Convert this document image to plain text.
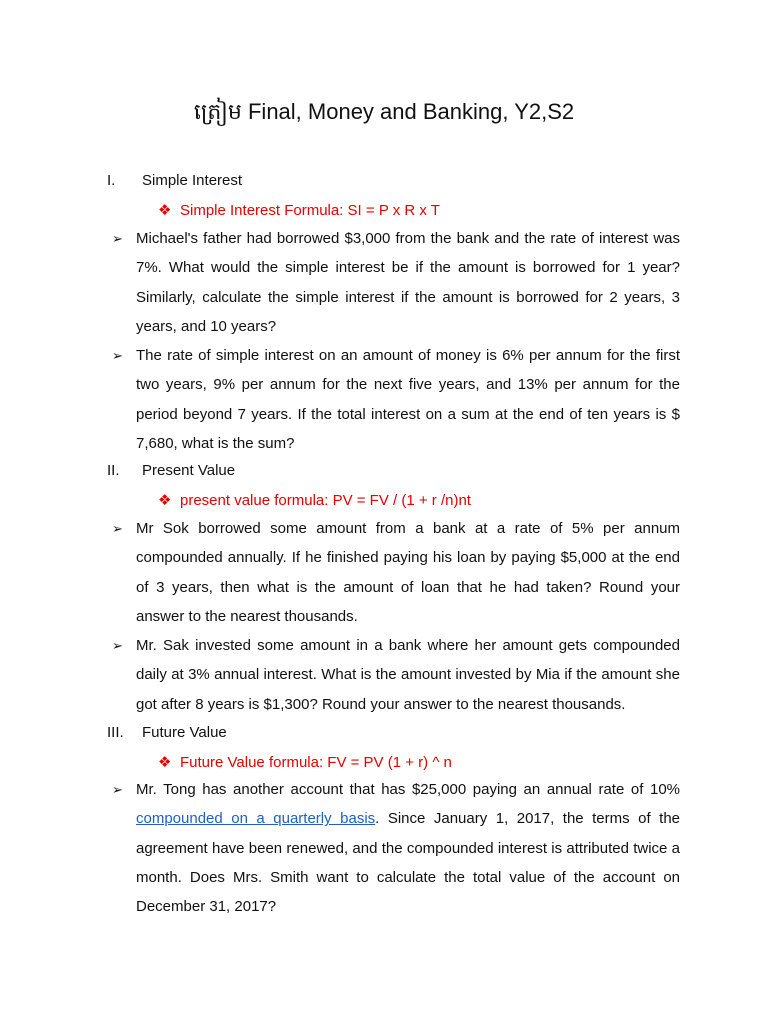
ត្រៀម Final, Money and Banking, Y2,S2
I. Simple Interest
❖ Simple Interest Formula: SI = P x R x T
➢ Michael's father had borrowed $3,000 from the bank and the rate of interest was 7%. What would the simple interest be if the amount is borrowed for 1 year? Similarly, calculate the simple interest if the amount is borrowed for 2 years, 3 years, and 10 years?
➢ The rate of simple interest on an amount of money is 6% per annum for the first two years, 9% per annum for the next five years, and 13% per annum for the period beyond 7 years. If the total interest on a sum at the end of ten years is $ 7,680, what is the sum?
II. Present Value
❖ present value formula: PV = FV / (1 + r /n)nt
➢ Mr Sok borrowed some amount from a bank at a rate of 5% per annum compounded annually. If he finished paying his loan by paying $5,000 at the end of 3 years, then what is the amount of loan that he had taken? Round your answer to the nearest thousands.
➢ Mr. Sak invested some amount in a bank where her amount gets compounded daily at 3% annual interest. What is the amount invested by Mia if the amount she got after 8 years is $1,300? Round your answer to the nearest thousands.
III. Future Value
❖ Future Value formula: FV = PV (1 + r) ^ n
➢ Mr. Tong has another account that has $25,000 paying an annual rate of 10% compounded on a quarterly basis. Since January 1, 2017, the terms of the agreement have been renewed, and the compounded interest is attributed twice a month. Does Mrs. Smith want to calculate the total value of the account on December 31, 2017?
